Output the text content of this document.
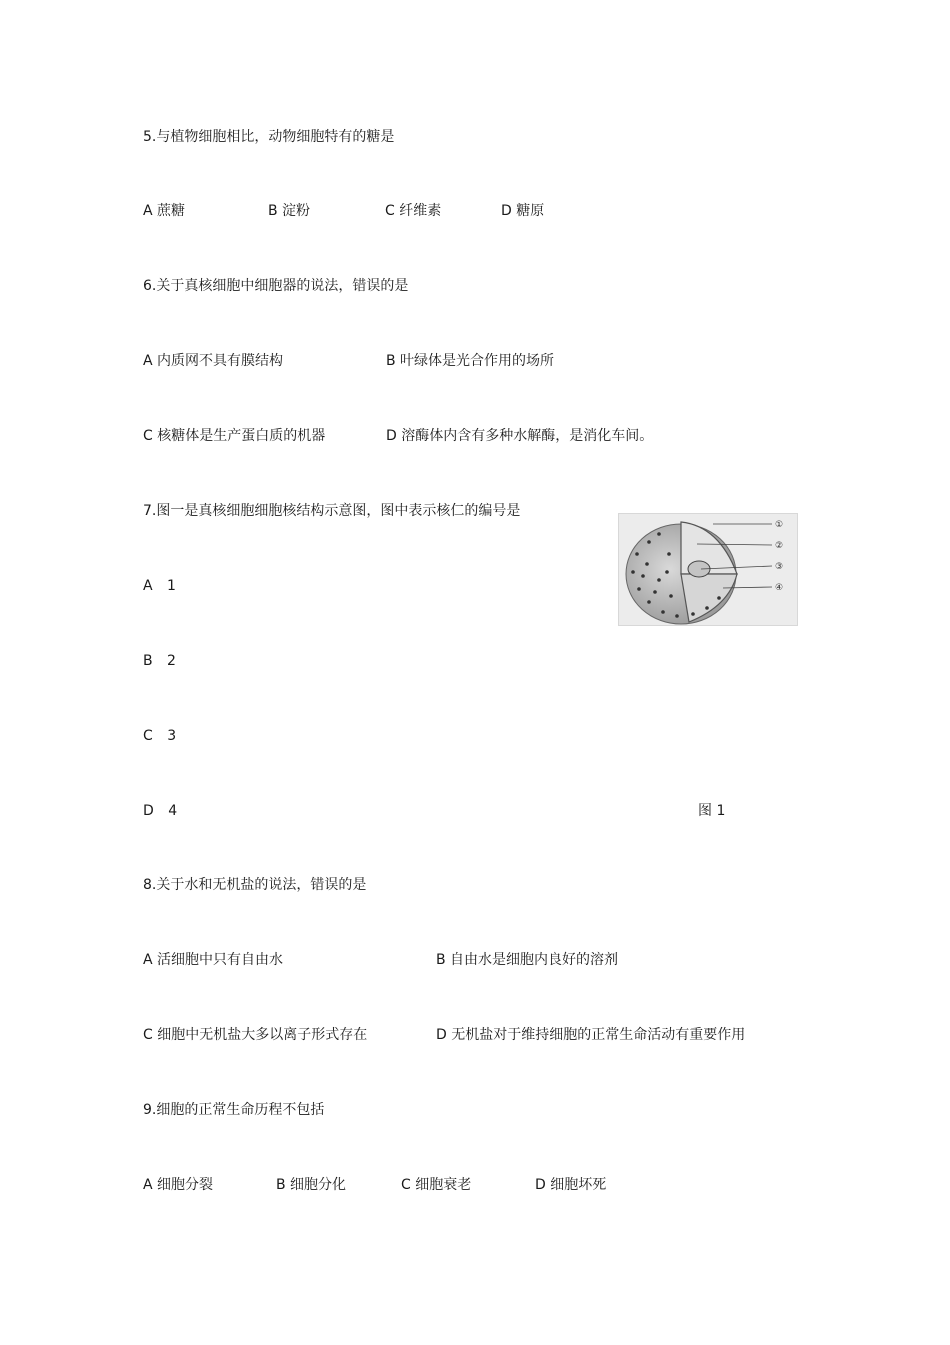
5.与植物细胞相比，动物细胞特有的糖是
A 蔗糖	B 淀粉	C 纤维素	D 糖原
6.关于真核细胞中细胞器的说法，错误的是
A 内质网不具有膜结构	B 叶绿体是光合作用的场所
C 核糖体是生产蛋白质的机器	D 溶酶体内含有多种水解酶，是消化车间。
7.图一是真核细胞细胞核结构示意图，图中表示核仁的编号是
A 1
B 2
C 3
D 4
①
②
③
④
图 1
8.关于水和无机盐的说法，错误的是
A 活细胞中只有自由水	B 自由水是细胞内良好的溶剂
C 细胞中无机盐大多以离子形式存在	D 无机盐对于维持细胞的正常生命活动有重要作用
9.细胞的正常生命历程不包括
A 细胞分裂	B 细胞分化	C 细胞衰老	D 细胞坏死
